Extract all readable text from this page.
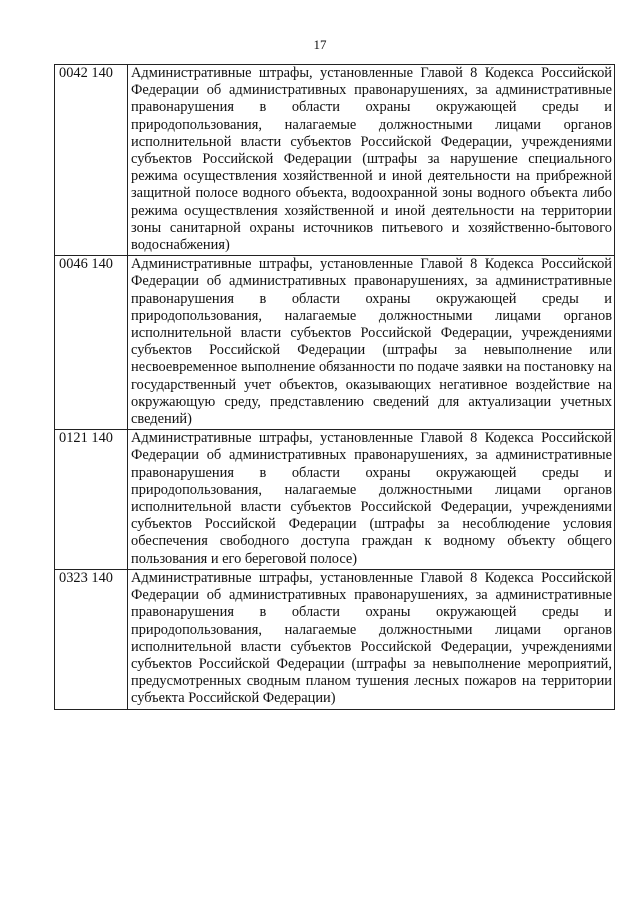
17
0042 140	Административные штрафы, установленные Главой 8 Кодекса Российской Федерации об административных правонарушениях, за административные правонарушения в области охраны окружающей среды и природопользования, налагаемые должностными лицами органов исполнительной власти субъектов Российской Федерации, учреждениями субъектов Российской Федерации (штрафы за нарушение специального режима осуществления хозяйственной и иной деятельности на прибрежной защитной полосе водного объекта, водоохранной зоны водного объекта либо режима осуществления хозяйственной и иной деятельности на территории зоны санитарной охраны источников питьевого и хозяйственно-бытового водоснабжения)
0046 140	Административные штрафы, установленные Главой 8 Кодекса Российской Федерации об административных правонарушениях, за административные правонарушения в области охраны окружающей среды и природопользования, налагаемые должностными лицами органов исполнительной власти субъектов Российской Федерации, учреждениями субъектов Российской Федерации (штрафы за невыполнение или несвоевременное выполнение обязанности по подаче заявки на постановку на государственный учет объектов, оказывающих негативное воздействие на окружающую среду, представлению сведений для актуализации учетных сведений)
0121 140	Административные штрафы, установленные Главой 8 Кодекса Российской Федерации об административных правонарушениях, за административные правонарушения в области охраны окружающей среды и природопользования, налагаемые должностными лицами органов исполнительной власти субъектов Российской Федерации, учреждениями субъектов Российской Федерации (штрафы за несоблюдение условия обеспечения свободного доступа граждан к водному объекту общего пользования и его береговой полосе)
0323 140	Административные штрафы, установленные Главой 8 Кодекса Российской Федерации об административных правонарушениях, за административные правонарушения в области охраны окружающей среды и природопользования, налагаемые должностными лицами органов исполнительной власти субъектов Российской Федерации, учреждениями субъектов Российской Федерации (штрафы за невыполнение мероприятий, предусмотренных сводным планом тушения лесных пожаров на территории субъекта Российской Федерации)
